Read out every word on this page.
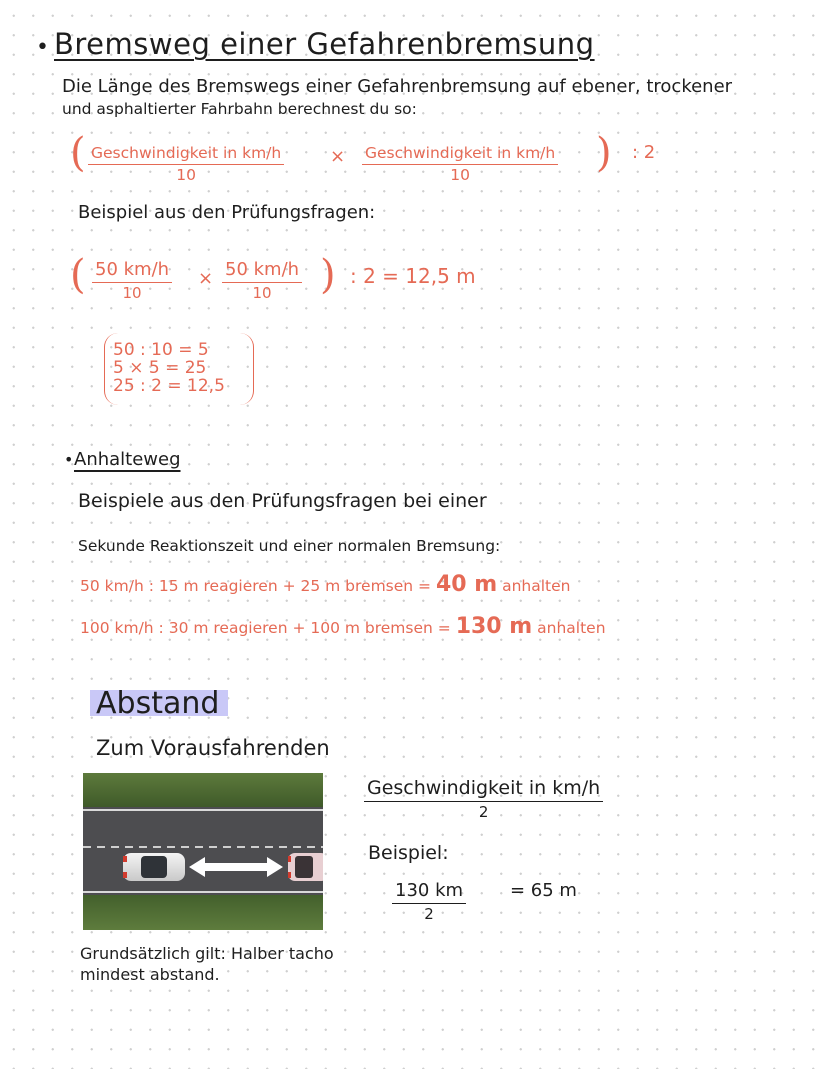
• Bremsweg einer Gefahrenbremsung
Die Länge des Bremswegs einer Gefahrenbremsung auf ebener, trockener
und asphaltierter Fahrbahn berechnest du so:
( Geschwindigkeit in km/h
10
× Geschwindigkeit in km/h
10	) : 2
Beispiel aus den Prüfungsfragen:
( 50 km/h
10
× 50 km/h
10	) : 2 = 12,5 m
50 : 10 = 5
5 × 5 = 25
25 : 2 = 12,5
• Anhalteweg
Beispiele aus den Prüfungsfragen bei einer
Sekunde Reaktionszeit und einer normalen Bremsung:
50 km/h : 15 m reagieren + 25 m bremsen = 40 m anhalten
100 km/h : 30 m reagieren + 100 m bremsen = 130 m anhalten
Abstand
Zum Vorausfahrenden
Geschwindigkeit in km/h
2
Beispiel:
130 km
2
= 65 m
Grundsätzlich gilt: Halber tacho
mindest abstand.
